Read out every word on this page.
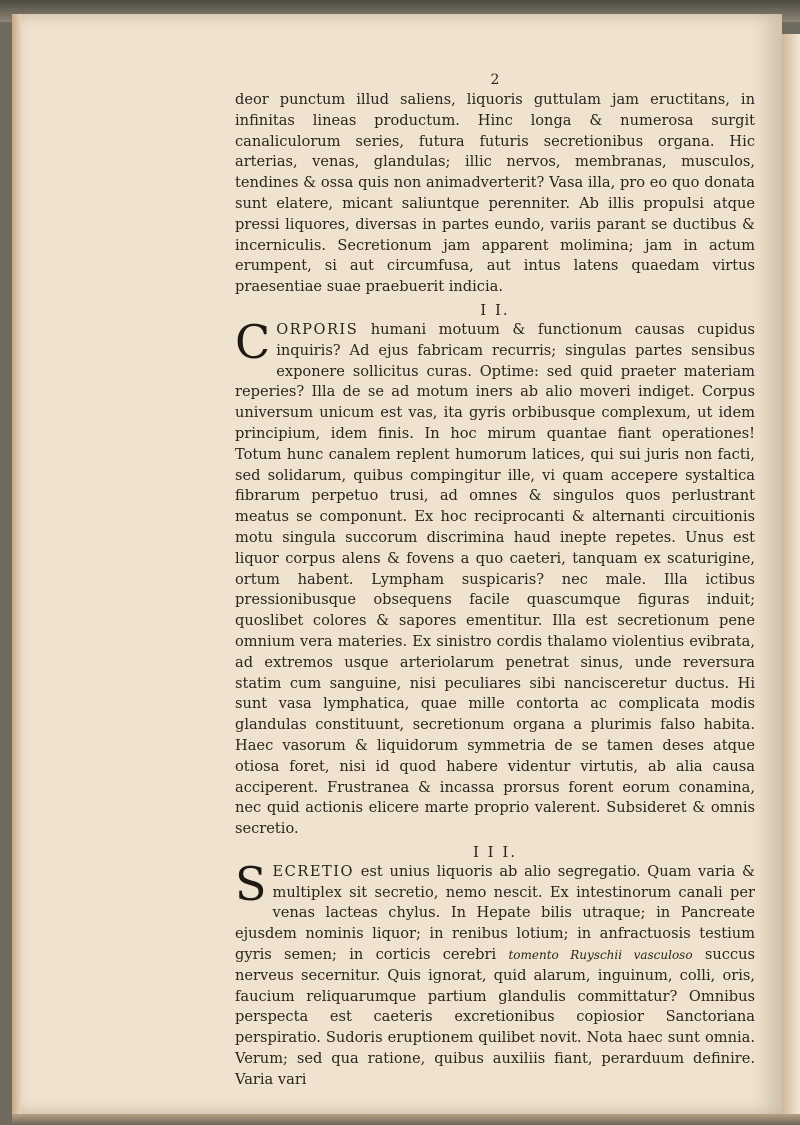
2

deor punctum illud saliens, liquoris guttulam jam eructitans, in infinitas lineas productum. Hinc longa & numerosa surgit canaliculorum series, futura futuris secretionibus organa. Hic arterias, venas, glandulas; illic nervos, membranas, musculos, tendines & ossa quis non animadverterit? Vasa illa, pro eo quo donata sunt elatere, micant saliuntque perenniter. Ab illis propulsi atque pressi liquores, diversas in partes eundo, variis parant se ductibus & incerniculis. Secretionum jam apparent molimina; jam in actum erumpent, si aut circumfusa, aut intus latens quaedam virtus praesentiae suae praebuerit indicia.

I I.

CORPORIS humani motuum & functionum causas cupidus inquiris? Ad ejus fabricam recurris; singulas partes sensibus exponere sollicitus curas. Optime: sed quid praeter materiam reperies? Illa de se ad motum iners ab alio moveri indiget. Corpus universum unicum est vas, ita gyris orbibusque complexum, ut idem principium, idem finis. In hoc mirum quantae fiant operationes! Totum hunc canalem replent humorum latices, qui sui juris non facti, sed solidarum, quibus compingitur ille, vi quam accepere systaltica fibrarum perpetuo trusi, ad omnes & singulos quos perlustrant meatus se componunt. Ex hoc reciprocanti & alternanti circuitionis motu singula succorum discrimina haud inepte repetes. Unus est liquor corpus alens & fovens a quo caeteri, tanquam ex scaturigine, ortum habent. Lympham suspicaris? nec male. Illa ictibus pressionibusque obsequens facile quascumque figuras induit; quoslibet colores & sapores ementitur. Illa est secretionum pene omnium vera materies. Ex sinistro cordis thalamo violentius evibrata, ad extremos usque arteriolarum penetrat sinus, unde reversura statim cum sanguine, nisi peculiares sibi nancisceretur ductus. Hi sunt vasa lymphatica, quae mille contorta ac complicata modis glandulas constituunt, secretionum organa a plurimis falso habita. Haec vasorum & liquidorum symmetria de se tamen deses atque otiosa foret, nisi id quod habere videntur virtutis, ab alia causa acciperent. Frustranea & incassa prorsus forent eorum conamina, nec quid actionis elicere marte proprio valerent. Subsideret & omnis secretio.

I I I.

SECRETIO est unius liquoris ab alio segregatio. Quam varia & multiplex sit secretio, nemo nescit. Ex intestinorum canali per venas lacteas chylus. In Hepate bilis utraque; in Pancreate ejusdem nominis liquor; in renibus lotium; in anfractuosis testium gyris semen; in corticis cerebri tomento Ruyschii vasculoso succus nerveus secernitur. Quis ignorat, quid alarum, inguinum, colli, oris, faucium reliquarumque partium glandulis committatur? Omnibus perspecta est caeteris excretionibus copiosior Sanctoriana perspiratio. Sudoris eruptionem quilibet novit. Nota haec sunt omnia. Verum; sed qua ratione, quibus auxiliis fiant, perarduum definire. Varia vari
